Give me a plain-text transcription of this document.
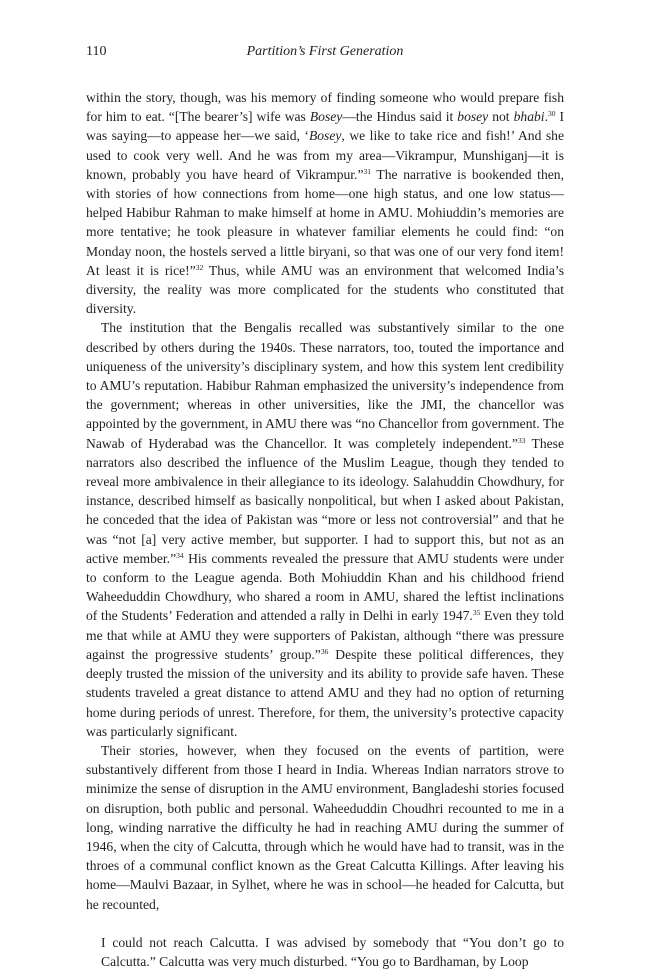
110	Partition’s First Generation

within the story, though, was his memory of finding someone who would prepare fish for him to eat. “[The bearer’s] wife was Bosey—the Hindus said it bosey not bhabi.$^{30}$ I was saying—to appease her—we said, ‘Bosey, we like to take rice and fish!’ And she used to cook very well. And he was from my area—Vikrampur, Munshiganj—it is known, probably you have heard of Vikrampur.”$^{31}$ The narrative is bookended then, with stories of how connections from home—one high status, and one low status—helped Habibur Rahman to make himself at home in AMU. Mohiuddin’s memories are more tentative; he took pleasure in whatever familiar elements he could find: “on Monday noon, the hostels served a little biryani, so that was one of our very fond item! At least it is rice!”$^{32}$ Thus, while AMU was an environment that welcomed India’s diversity, the reality was more complicated for the students who constituted that diversity.

The institution that the Bengalis recalled was substantively similar to the one described by others during the 1940s. These narrators, too, touted the importance and uniqueness of the university’s disciplinary system, and how this system lent credibility to AMU’s reputation. Habibur Rahman emphasized the university’s independence from the government; whereas in other universities, like the JMI, the chancellor was appointed by the government, in AMU there was “no Chancellor from government. The Nawab of Hyderabad was the Chancellor. It was completely independent.”$^{33}$ These narrators also described the influence of the Muslim League, though they tended to reveal more ambivalence in their allegiance to its ideology. Salahuddin Chowdhury, for instance, described himself as basically nonpolitical, but when I asked about Pakistan, he conceded that the idea of Pakistan was “more or less not controversial” and that he was “not [a] very active member, but supporter. I had to support this, but not as an active member.”$^{34}$ His comments revealed the pressure that AMU students were under to conform to the League agenda. Both Mohiuddin Khan and his childhood friend Waheeduddin Chowdhury, who shared a room in AMU, shared the leftist inclinations of the Students’ Federation and attended a rally in Delhi in early 1947.35 Even they told me that while at AMU they were supporters of Pakistan, although “there was pressure against the progressive students’ group.”$^{36}$ Despite these political differences, they deeply trusted the mission of the university and its ability to provide safe haven. These students traveled a great distance to attend AMU and they had no option of returning home during periods of unrest. Therefore, for them, the university’s protective capacity was particularly significant.

Their stories, however, when they focused on the events of partition, were substantively different from those I heard in India. Whereas Indian narrators strove to minimize the sense of disruption in the AMU environment, Bangladeshi stories focused on disruption, both public and personal. Waheeduddin Choudhri recounted to me in a long, winding narrative the difficulty he had in reaching AMU during the summer of 1946, when the city of Calcutta, through which he would have had to transit, was in the throes of a communal conflict known as the Great Calcutta Killings. After leaving his home—Maulvi Bazaar, in Sylhet, where he was in school—he headed for Calcutta, but he recounted,

I could not reach Calcutta. I was advised by somebody that “You don’t go to Calcutta.” Calcutta was very much disturbed. “You go to Bardhaman, by Loop
